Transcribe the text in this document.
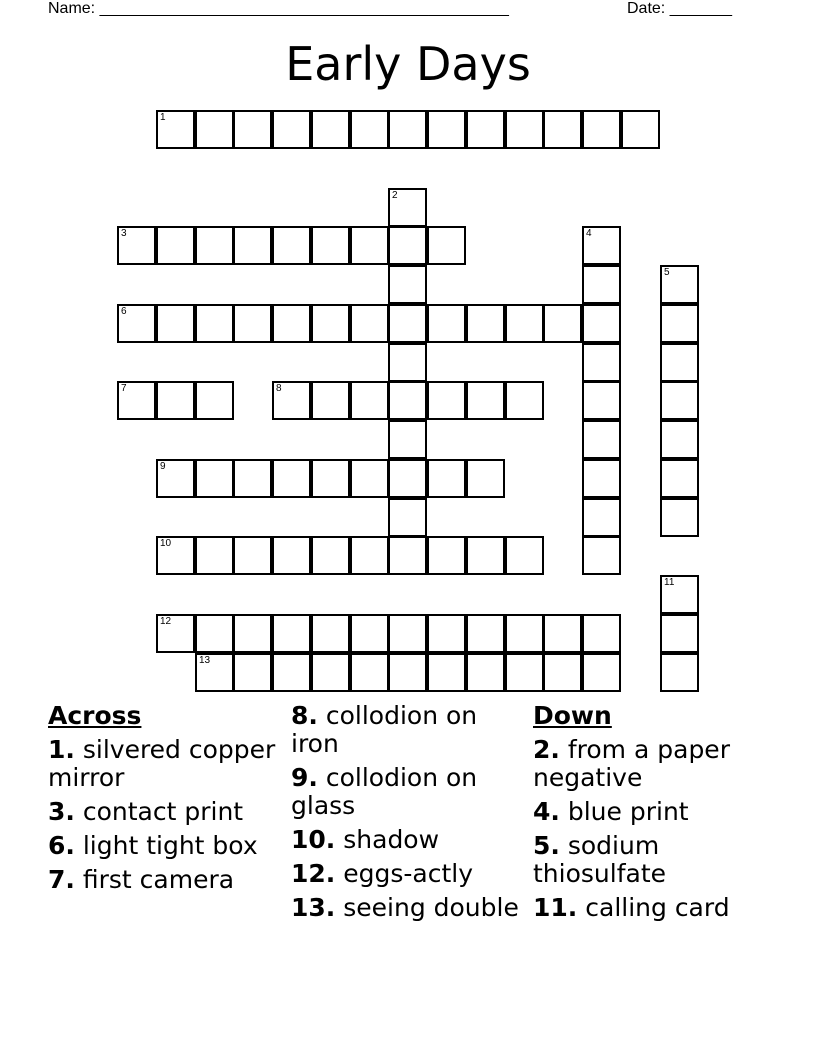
Name: ______________________________________________	Date: _______
Early Days
1
2
3	4
5
6
7	8
9
10
11
12
13
Across
1. silvered copper mirror
3. contact print
6. light tight box
7. first camera
8. collodion on iron
9. collodion on glass
10. shadow
12. eggs-actly
13. seeing double
Down
2. from a paper negative
4. blue print
5. sodium thiosulfate
11. calling card
